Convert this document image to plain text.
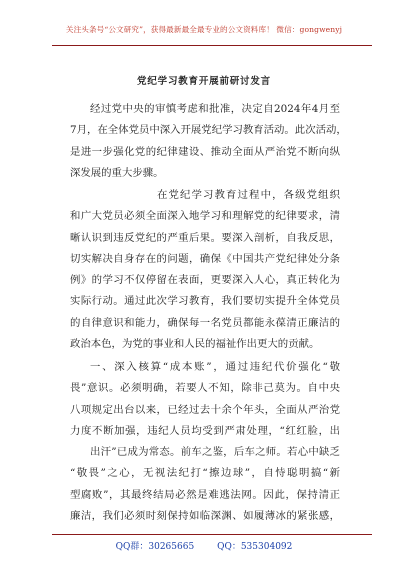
关注头条号“公文研究”，获得最新最全最专业的公文资料库！ 微信：gongwenyj
党纪学习教育开展前研讨发言
经过党中央的审慎考虑和批准，决定自2024年4月至
7月，在全体党员中深入开展党纪学习教育活动。此次活动，
是进一步强化党的纪律建设、推动全面从严治党不断向纵
深发展的重大步骤。
在党纪学习教育过程中，各级党组织
和广大党员必须全面深入地学习和理解党的纪律要求，清
晰认识到违反党纪的严重后果。要深入剖析，自我反思，
切实解决自身存在的问题，确保《中国共产党纪律处分条
例》的学习不仅停留在表面，更要深入人心，真正转化为
实际行动。通过此次学习教育，我们要切实提升全体党员
的自律意识和能力，确保每一名党员都能永葆清正廉洁的
政治本色，为党的事业和人民的福祉作出更大的贡献。
一、深入核算“成本账”，通过违纪代价强化“敬
畏”意识。必须明确，若要人不知，除非己莫为。自中央
八项规定出台以来，已经过去十余个年头，全面从严治党
力度不断加强，违纪人员均受到严肃处理，“红红脸，出
出汗”已成为常态。前车之鉴，后车之师。若心中缺乏
“敬畏”之心，无视法纪打“擦边球”，自恃聪明搞“新
型腐败”，其最终结局必然是难逃法网。因此，保持清正
廉洁，我们必须时刻保持如临深渊、如履薄冰的紧张感，
QQ群：30265665	QQ：535304092
